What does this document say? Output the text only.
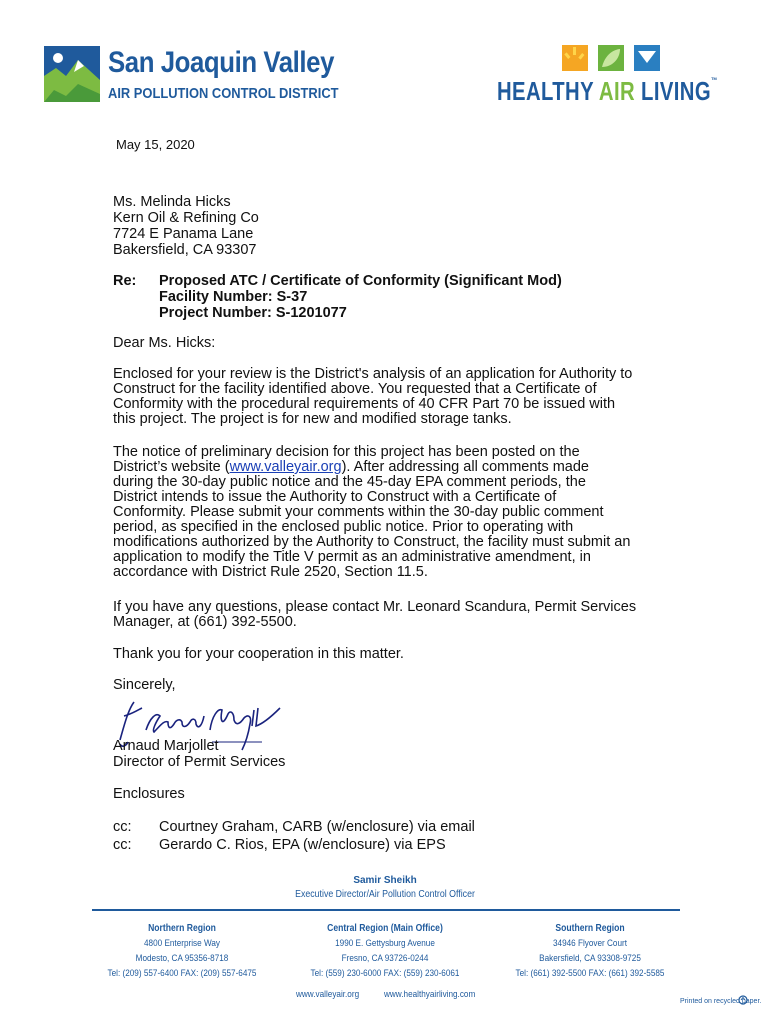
San Joaquin Valley
AIR POLLUTION CONTROL DISTRICT	HEALTHY AIR LIVING™
May 15, 2020
Ms. Melinda Hicks
Kern Oil & Refining Co
7724 E Panama Lane
Bakersfield, CA 93307
Re: Proposed ATC / Certificate of Conformity (Significant Mod)
Facility Number: S-37
Project Number: S-1201077
Dear Ms. Hicks:
Enclosed for your review is the District's analysis of an application for Authority to
Construct for the facility identified above. You requested that a Certificate of
Conformity with the procedural requirements of 40 CFR Part 70 be issued with
this project. The project is for new and modified storage tanks.
The notice of preliminary decision for this project has been posted on the
District’s website (www.valleyair.org). After addressing all comments made
during the 30-day public notice and the 45-day EPA comment periods, the
District intends to issue the Authority to Construct with a Certificate of
Conformity. Please submit your comments within the 30-day public comment
period, as specified in the enclosed public notice. Prior to operating with
modifications authorized by the Authority to Construct, the facility must submit an
application to modify the Title V permit as an administrative amendment, in
accordance with District Rule 2520, Section 11.5.
If you have any questions, please contact Mr. Leonard Scandura, Permit Services
Manager, at (661) 392-5500.
Thank you for your cooperation in this matter.
Sincerely,
Arnaud Marjollet
Director of Permit Services
Enclosures
cc: Courtney Graham, CARB (w/enclosure) via email
cc: Gerardo C. Rios, EPA (w/enclosure) via EPS
Samir Sheikh
Executive Director/Air Pollution Control Officer
Northern Region
4800 Enterprise Way
Modesto, CA 95356-8718
Tel: (209) 557-6400 FAX: (209) 557-6475
Central Region (Main Office)
1990 E. Gettysburg Avenue
Fresno, CA 93726-0244
Tel: (559) 230-6000 FAX: (559) 230-6061
Southern Region
34946 Flyover Court
Bakersfield, CA 93308-9725
Tel: (661) 392-5500 FAX: (661) 392-5585
www.valleyair.org	www.healthyairliving.com
Printed on recycled paper.
